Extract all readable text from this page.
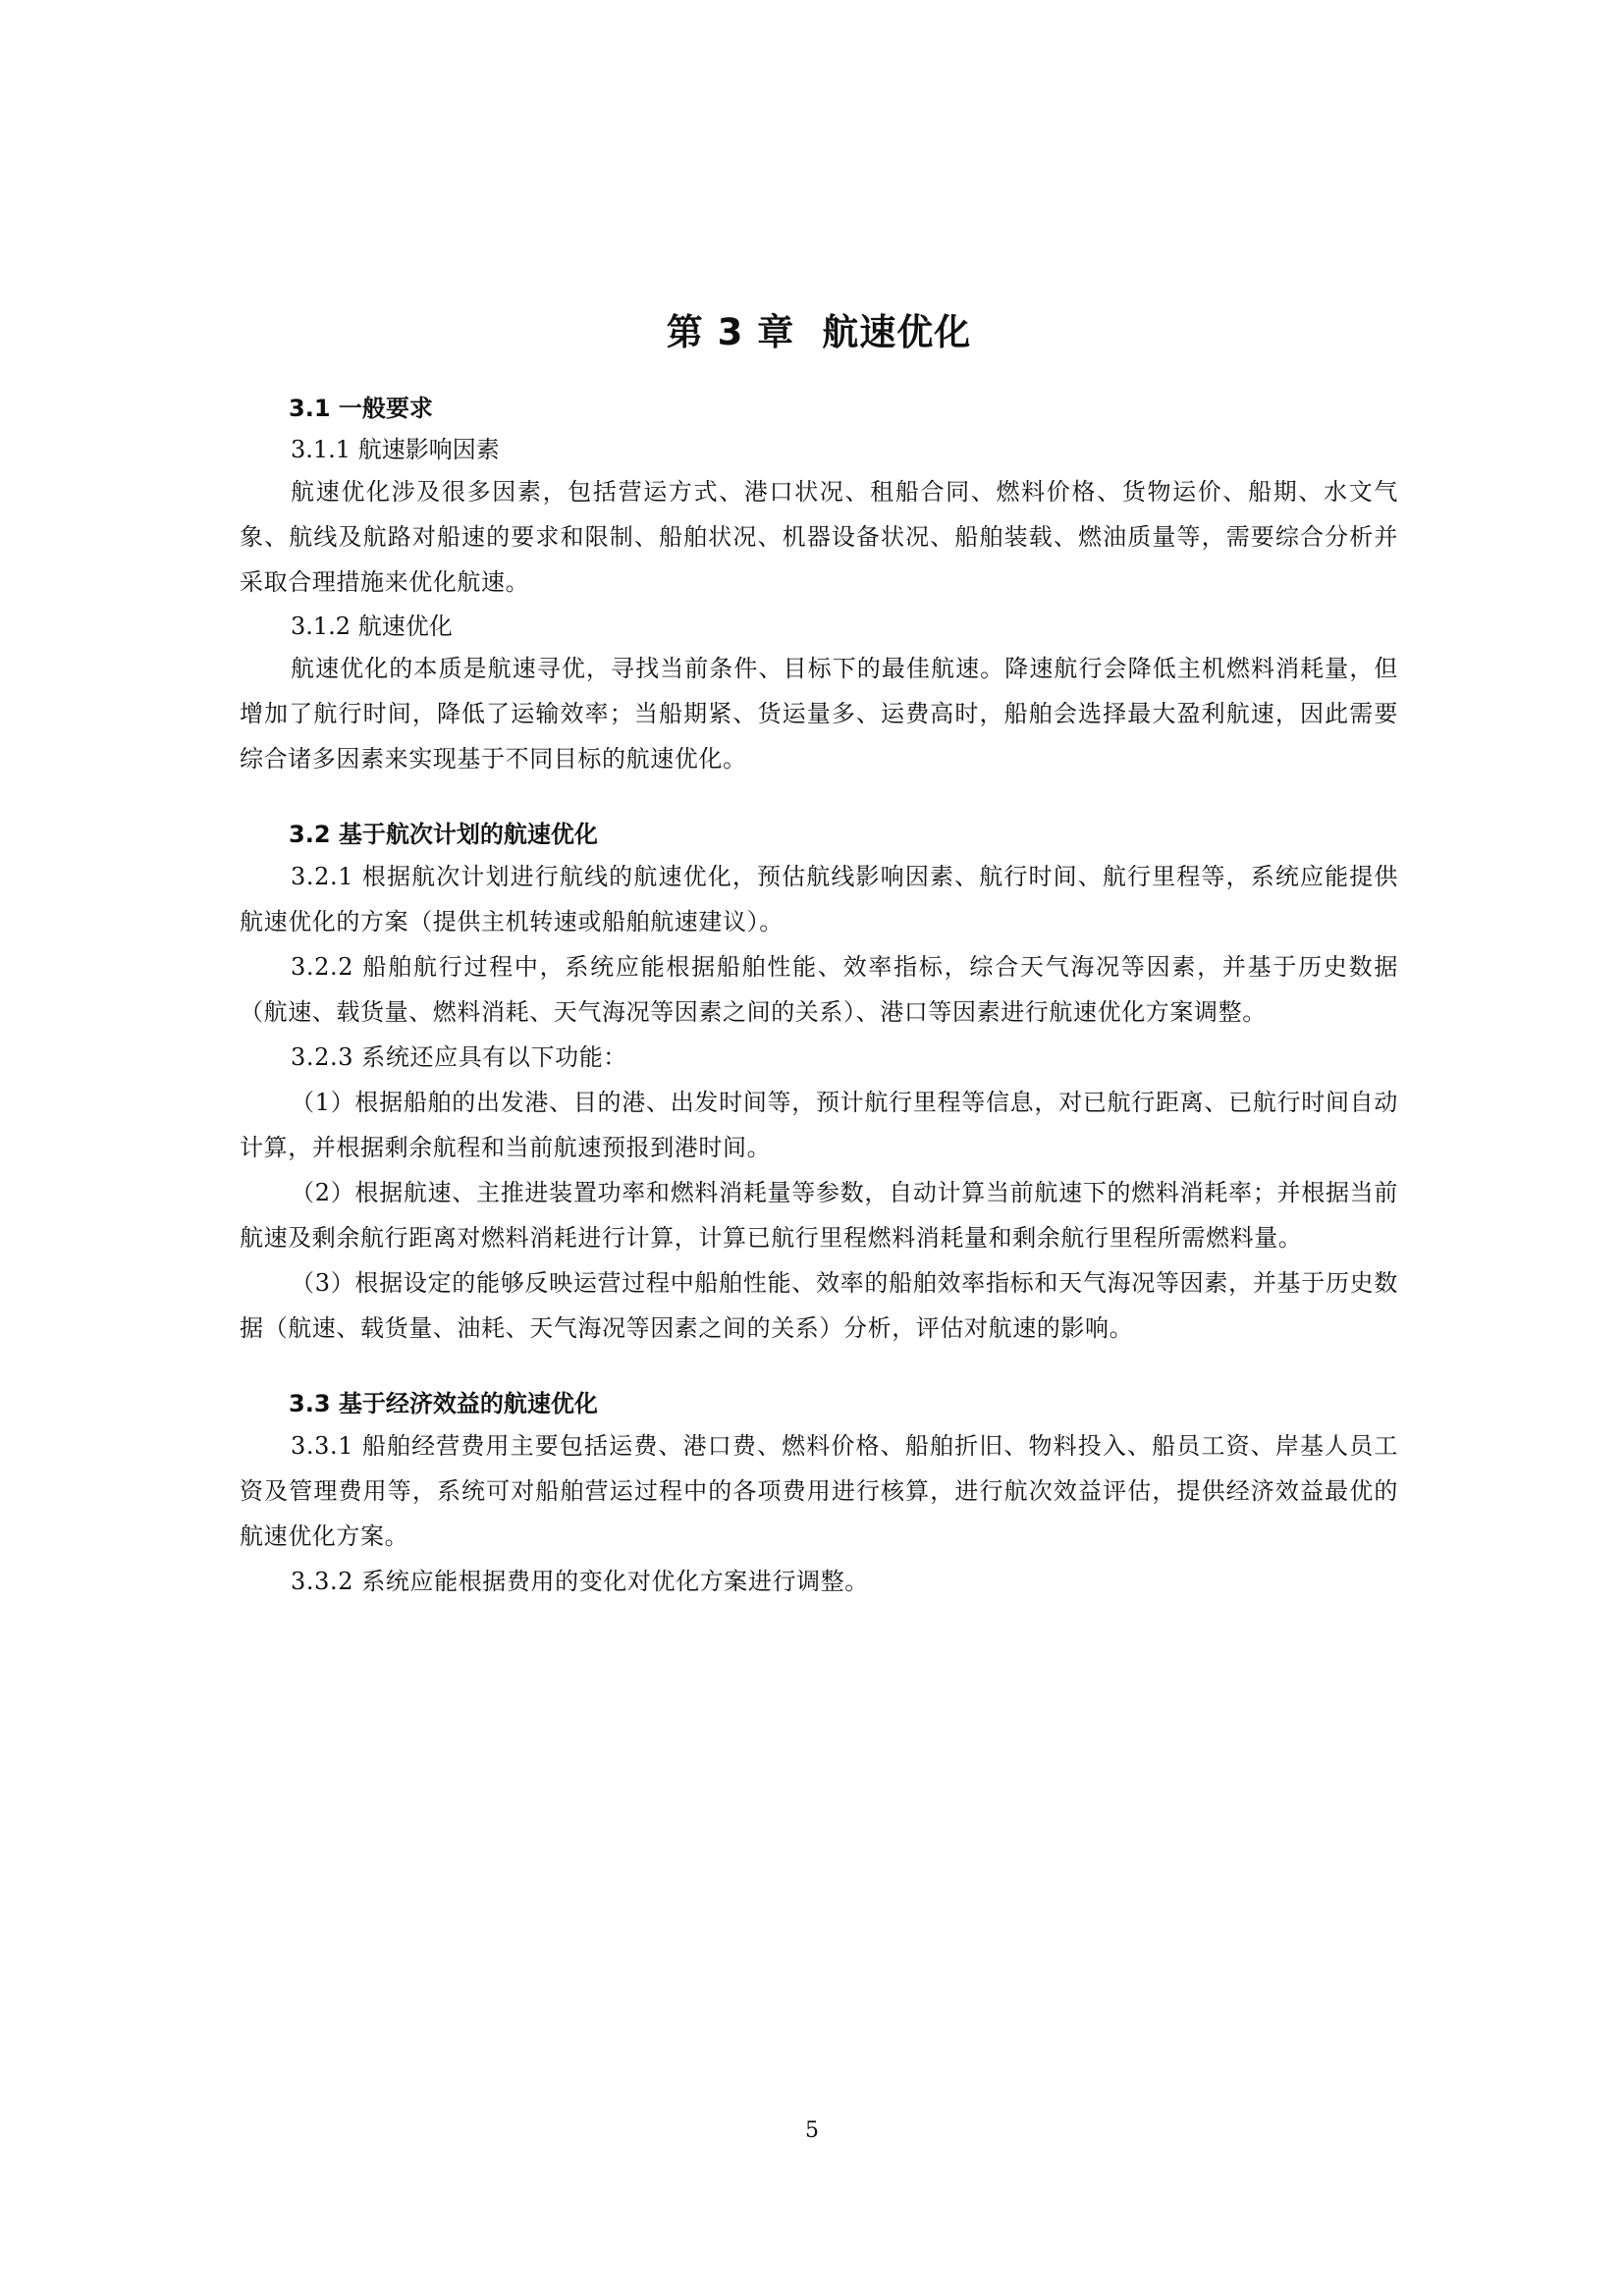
第 3 章 航速优化
3.1 一般要求

3.1.1 航速影响因素

航速优化涉及很多因素，包括营运方式、港口状况、租船合同、燃料价格、货物运价、船期、水文气象、航线及航路对船速的要求和限制、船舶状况、机器设备状况、船舶装载、燃油质量等，需要综合分析并采取合理措施来优化航速。

3.1.2 航速优化

航速优化的本质是航速寻优，寻找当前条件、目标下的最佳航速。降速航行会降低主机燃料消耗量，但增加了航行时间，降低了运输效率；当船期紧、货运量多、运费高时，船舶会选择最大盈利航速，因此需要综合诸多因素来实现基于不同目标的航速优化。

3.2 基于航次计划的航速优化

3.2.1 根据航次计划进行航线的航速优化，预估航线影响因素、航行时间、航行里程等，系统应能提供航速优化的方案（提供主机转速或船舶航速建议）。

3.2.2 船舶航行过程中，系统应能根据船舶性能、效率指标，综合天气海况等因素，并基于历史数据（航速、载货量、燃料消耗、天气海况等因素之间的关系）、港口等因素进行航速优化方案调整。

3.2.3 系统还应具有以下功能：

（1）根据船舶的出发港、目的港、出发时间等，预计航行里程等信息，对已航行距离、已航行时间自动计算，并根据剩余航程和当前航速预报到港时间。

（2）根据航速、主推进装置功率和燃料消耗量等参数，自动计算当前航速下的燃料消耗率；并根据当前航速及剩余航行距离对燃料消耗进行计算，计算已航行里程燃料消耗量和剩余航行里程所需燃料量。

（3）根据设定的能够反映运营过程中船舶性能、效率的船舶效率指标和天气海况等因素，并基于历史数据（航速、载货量、油耗、天气海况等因素之间的关系）分析，评估对航速的影响。

3.3 基于经济效益的航速优化

3.3.1 船舶经营费用主要包括运费、港口费、燃料价格、船舶折旧、物料投入、船员工资、岸基人员工资及管理费用等，系统可对船舶营运过程中的各项费用进行核算，进行航次效益评估，提供经济效益最优的航速优化方案。

3.3.2 系统应能根据费用的变化对优化方案进行调整。

5
